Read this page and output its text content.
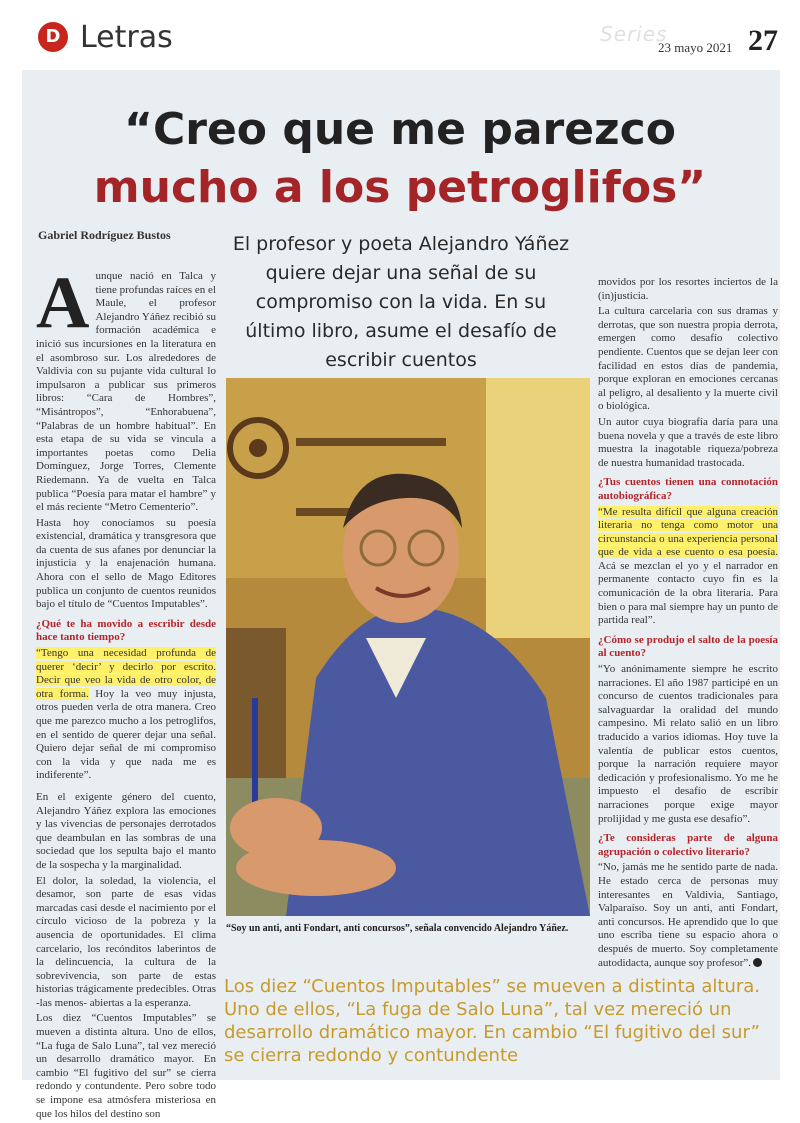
D Letras	Series
23 mayo 2021 27
“Creo que me parezco
mucho a los petroglifos”
Gabriel Rodríguez Bustos	El profesor y poeta Alejandro Yáñez quiere dejar una señal de su compromiso con la vida. En su último libro, asume el desafío de escribir cuentos

Aunque nació en Talca y tiene profundas raíces en el Maule, el profesor Alejandro Yáñez recibió su formación académica e inició sus incursiones en la literatura en el asombroso sur. Los alrededores de Valdivia con su pujante vida cultural lo impulsaron a publicar sus primeros libros: “Cara de Hombres”, “Misántropos”, “Enhorabuena”, “Palabras de un hombre habitual”. En esta etapa de su vida se vincula a importantes poetas como Delia Domínguez, Jorge Torres, Clemente Riedemann. Ya de vuelta en Talca publica “Poesía para matar el hambre” y el más reciente “Metro Cementerio”.

Hasta hoy conocíamos su poesía existencial, dramática y transgresora que da cuenta de sus afanes por denunciar la injusticia y la enajenación humana. Ahora con el sello de Mago Editores publica un conjunto de cuentos reunidos bajo el título de “Cuentos Imputables”.

¿Qué te ha movido a escribir desde hace tanto tiempo?

“Tengo una necesidad profunda de querer ‘decir’ y decirlo por escrito. Decir que veo la vida de otro color, de otra forma. Hoy la veo muy injusta, otros pueden verla de otra manera. Creo que me parezco mucho a los petroglifos, en el sentido de querer dejar una señal. Quiero dejar señal de mi compromiso con la vida y que nada me es indiferente”.

En el exigente género del cuento, Alejandro Yáñez explora las emociones y las vivencias de personajes derrotados que deambulan en las sombras de una sociedad que los sepulta bajo el manto de la sospecha y la marginalidad.

El dolor, la soledad, la violencia, el desamor, son parte de esas vidas marcadas casi desde el nacimiento por el círculo vicioso de la pobreza y la ausencia de oportunidades. El clima carcelario, los recónditos laberintos de la delincuencia, la cultura de la sobrevivencia, son parte de estas historias trágicamente predecibles. Otras -las menos- abiertas a la esperanza.

Los diez “Cuentos Imputables” se mueven a distinta altura. Uno de ellos, “La fuga de Salo Luna”, tal vez mereció un desarrollo dramático mayor. En cambio “El fugitivo del sur” se cierra redondo y contundente. Pero sobre todo se impone esa atmósfera misteriosa en que los hilos del destino son

“Soy un anti, anti Fondart, anti concursos”, señala convencido Alejandro Yáñez.

movidos por los resortes inciertos de la (in)justicia.

La cultura carcelaria con sus dramas y derrotas, que son nuestra propia derrota, emergen como desafío colectivo pendiente. Cuentos que se dejan leer con facilidad en estos días de pandemia, porque exploran en emociones cercanas al peligro, al desaliento y la muerte civil o biológica.

Un autor cuya biografía daría para una buena novela y que a través de este libro muestra la inagotable riqueza/pobreza de nuestra humanidad trastocada.

¿Tus cuentos tienen una connotación autobiográfica?

“Me resulta difícil que alguna creación literaria no tenga como motor una circunstancia o una experiencia personal que de vida a ese cuento o esa poesía. Acá se mezclan el yo y el narrador en permanente contacto cuyo fin es la comunicación de la obra literaria. Para bien o para mal siempre hay un punto de partida real”.

¿Cómo se produjo el salto de la poesía al cuento?

“Yo anónimamente siempre he escrito narraciones. El año 1987 participé en un concurso de cuentos tradicionales para salvaguardar la oralidad del mundo campesino. Mi relato salió en un libro traducido a varios idiomas. Hoy tuve la valentía de publicar estos cuentos, porque la narración requiere mayor dedicación y profesionalismo. Yo me he impuesto el desafío de escribir narraciones porque exige mayor prolijidad y me gusta ese desafío”.

¿Te consideras parte de alguna agrupación o colectivo literario?

“No, jamás me he sentido parte de nada. He estado cerca de personas muy interesantes en Valdivia, Santiago, Valparaíso. Soy un anti, anti Fondart, anti concursos. He aprendido que lo que uno escriba tiene su espacio ahora o después de muerto. Soy completamente autodidacta, aunque soy profesor”.

Los diez “Cuentos Imputables” se mueven a distinta altura. Uno de ellos, “La fuga de Salo Luna”, tal vez mereció un desarrollo dramático mayor. En cambio “El fugitivo del sur” se cierra redondo y contundente
